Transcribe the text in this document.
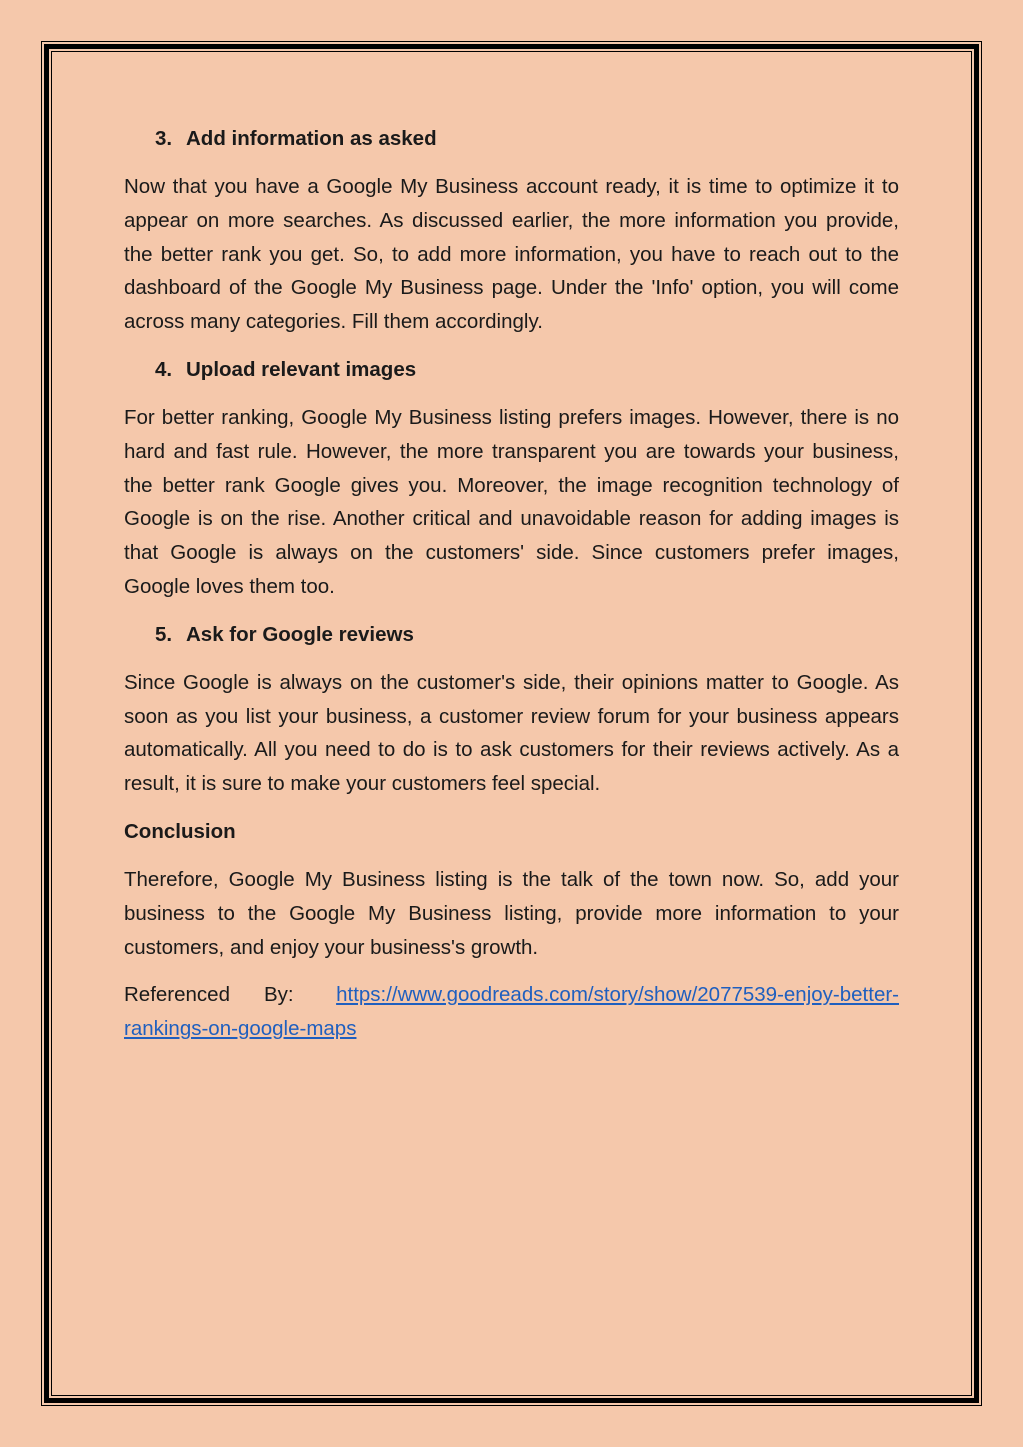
3. Add information as asked

Now that you have a Google My Business account ready, it is time to optimize it to appear on more searches. As discussed earlier, the more information you provide, the better rank you get. So, to add more information, you have to reach out to the dashboard of the Google My Business page. Under the 'Info' option, you will come across many categories. Fill them accordingly.

4. Upload relevant images

For better ranking, Google My Business listing prefers images. However, there is no hard and fast rule. However, the more transparent you are towards your business, the better rank Google gives you. Moreover, the image recognition technology of Google is on the rise. Another critical and unavoidable reason for adding images is that Google is always on the customers' side. Since customers prefer images, Google loves them too.

5. Ask for Google reviews

Since Google is always on the customer's side, their opinions matter to Google. As soon as you list your business, a customer review forum for your business appears automatically. All you need to do is to ask customers for their reviews actively. As a result, it is sure to make your customers feel special.

Conclusion

Therefore, Google My Business listing is the talk of the town now. So, add your business to the Google My Business listing, provide more information to your customers, and enjoy your business's growth.

Referenced By: https://www.goodreads.com/story/show/2077539-enjoy-better-rankings-on-google-maps
